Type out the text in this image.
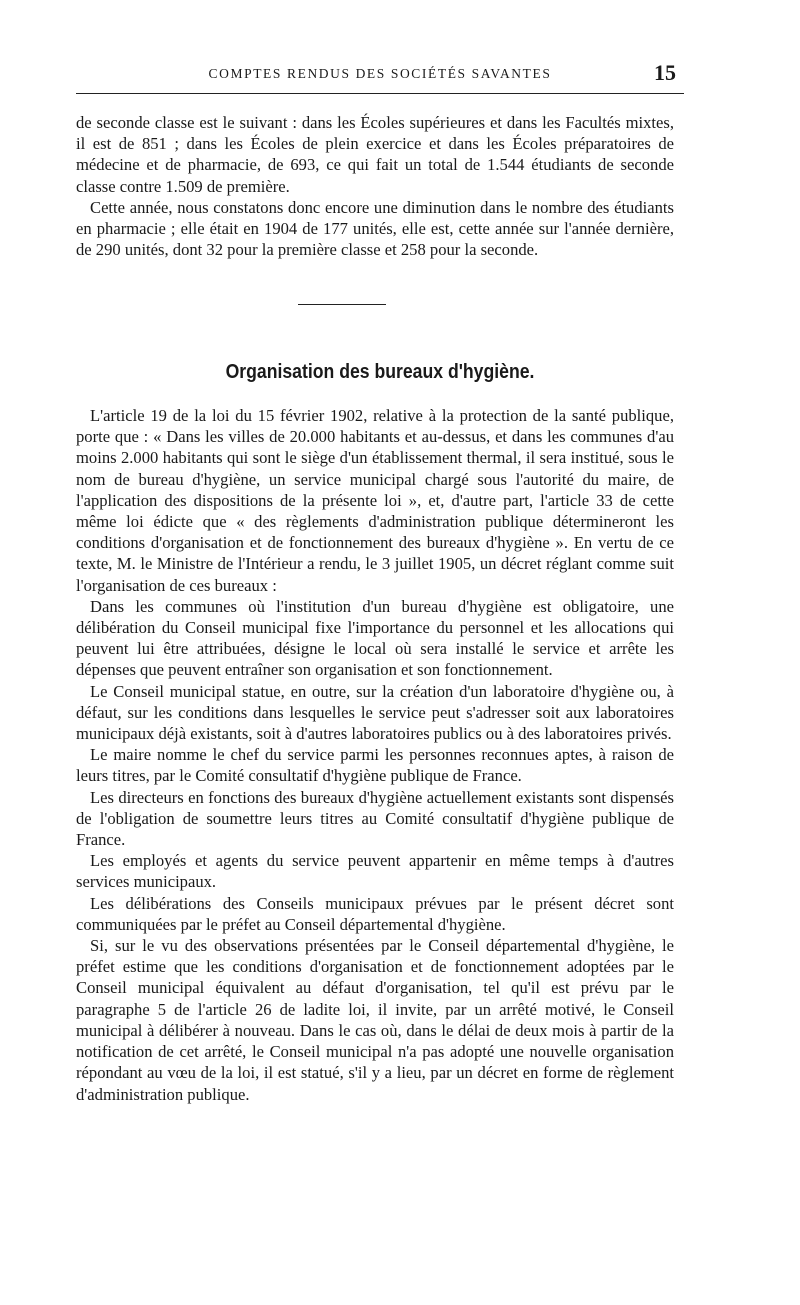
COMPTES RENDUS DES SOCIÉTÉS SAVANTES	15

de seconde classe est le suivant : dans les Écoles supérieures et dans les Facultés mixtes, il est de 851 ; dans les Écoles de plein exercice et dans les Écoles préparatoires de médecine et de pharmacie, de 693, ce qui fait un total de 1.544 étudiants de seconde classe contre 1.509 de première.

Cette année, nous constatons donc encore une diminution dans le nombre des étudiants en pharmacie ; elle était en 1904 de 177 unités, elle est, cette année sur l'année dernière, de 290 unités, dont 32 pour la première classe et 258 pour la seconde.

Organisation des bureaux d'hygiène.

L'article 19 de la loi du 15 février 1902, relative à la protection de la santé publique, porte que : « Dans les villes de 20.000 habitants et au-dessus, et dans les communes d'au moins 2.000 habitants qui sont le siège d'un établissement thermal, il sera institué, sous le nom de bureau d'hygiène, un service municipal chargé sous l'autorité du maire, de l'application des dispositions de la présente loi », et, d'autre part, l'article 33 de cette même loi édicte que « des règlements d'administration publique détermineront les conditions d'organisation et de fonctionnement des bureaux d'hygiène ». En vertu de ce texte, M. le Ministre de l'Intérieur a rendu, le 3 juillet 1905, un décret réglant comme suit l'organisation de ces bureaux :

Dans les communes où l'institution d'un bureau d'hygiène est obligatoire, une délibération du Conseil municipal fixe l'importance du personnel et les allocations qui peuvent lui être attribuées, désigne le local où sera installé le service et arrête les dépenses que peuvent entraîner son organisation et son fonctionnement.

Le Conseil municipal statue, en outre, sur la création d'un laboratoire d'hygiène ou, à défaut, sur les conditions dans lesquelles le service peut s'adresser soit aux laboratoires municipaux déjà existants, soit à d'autres laboratoires publics ou à des laboratoires privés.

Le maire nomme le chef du service parmi les personnes reconnues aptes, à raison de leurs titres, par le Comité consultatif d'hygiène publique de France.

Les directeurs en fonctions des bureaux d'hygiène actuellement existants sont dispensés de l'obligation de soumettre leurs titres au Comité consultatif d'hygiène publique de France.

Les employés et agents du service peuvent appartenir en même temps à d'autres services municipaux.

Les délibérations des Conseils municipaux prévues par le présent décret sont communiquées par le préfet au Conseil départemental d'hygiène.

Si, sur le vu des observations présentées par le Conseil départemental d'hygiène, le préfet estime que les conditions d'organisation et de fonctionnement adoptées par le Conseil municipal équivalent au défaut d'organisation, tel qu'il est prévu par le paragraphe 5 de l'article 26 de ladite loi, il invite, par un arrêté motivé, le Conseil municipal à délibérer à nouveau. Dans le cas où, dans le délai de deux mois à partir de la notification de cet arrêté, le Conseil municipal n'a pas adopté une nouvelle organisation répondant au vœu de la loi, il est statué, s'il y a lieu, par un décret en forme de règlement d'administration publique.
